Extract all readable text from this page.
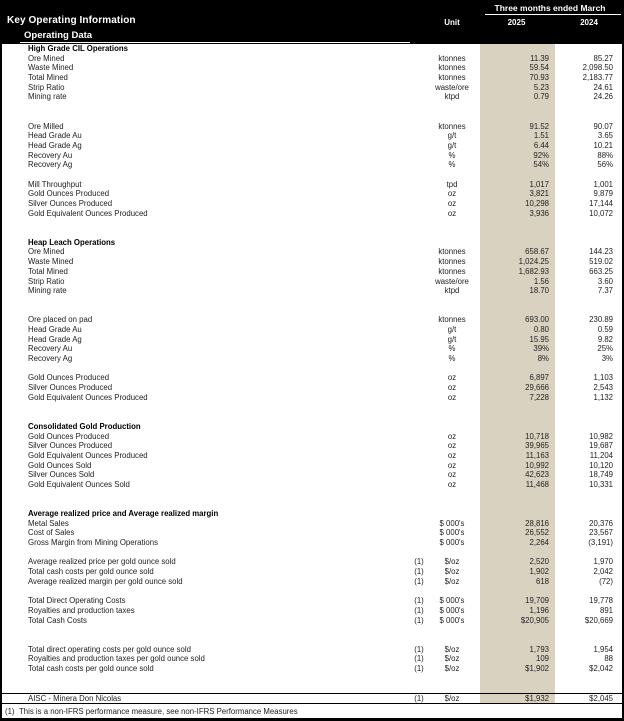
Key Operating Information
Three months ended March
Unit	2025	2024
Operating Data
High Grade CIL Operations
Ore Mined	ktonnes	11.39	85.27
Waste Mined	ktonnes	59.54	2,098.50
Total Mined	ktonnes	70.93	2,183.77
Strip Ratio	waste/ore	5.23	24.61
Mining rate	ktpd	0.79	24.26
Ore Milled	ktonnes	91.52	90.07
Head Grade Au	g/t	1.51	3.65
Head Grade Ag	g/t	6.44	10.21
Recovery Au	%	92%	88%
Recovery Ag	%	54%	56%
Mill Throughput	tpd	1,017	1,001
Gold Ounces Produced	oz	3,821	9,879
Silver Ounces Produced	oz	10,298	17,144
Gold Equivalent Ounces Produced	oz	3,936	10,072
Heap Leach Operations
Ore Mined	ktonnes	658.67	144.23
Waste Mined	ktonnes	1,024.25	519.02
Total Mined	ktonnes	1,682.93	663.25
Strip Ratio	waste/ore	1.56	3.60
Mining rate	ktpd	18.70	7.37
Ore placed on pad	ktonnes	693.00	230.89
Head Grade Au	g/t	0.80	0.59
Head Grade Ag	g/t	15.95	9.82
Recovery Au	%	39%	25%
Recovery Ag	%	8%	3%
Gold Ounces Produced	oz	6,897	1,103
Silver Ounces Produced	oz	29,666	2,543
Gold Equivalent Ounces Produced	oz	7,228	1,132
Consolidated Gold Production
Gold Ounces Produced	oz	10,718	10,982
Silver Ounces Produced	oz	39,965	19,687
Gold Equivalent Ounces Produced	oz	11,163	11,204
Gold Ounces Sold	oz	10,992	10,120
Silver Ounces Sold	oz	42,623	18,749
Gold Equivalent Ounces Sold	oz	11,468	10,331
Average realized price and Average realized margin
Metal Sales	$ 000's	28,816	20,376
Cost of Sales	$ 000's	26,552	23,567
Gross Margin from Mining Operations	$ 000's	2,264	(3,191)
Average realized price per gold ounce sold	(1)	$/oz	2,520	1,970
Total cash costs per gold ounce sold	(1)	$/oz	1,902	2,042
Average realized margin per gold ounce sold	(1)	$/oz	618	(72)
Total Direct Operating Costs	(1)	$ 000's	19,709	19,778
Royalties and production taxes	(1)	$ 000's	1,196	891
Total Cash Costs	(1)	$ 000's	$20,905	$20,669
Total direct operating costs per gold ounce sold	(1)	$/oz	1,793	1,954
Royalties and production taxes per gold ounce sold	(1)	$/oz	109	88
Total cash costs per gold ounce sold	(1)	$/oz	$1,902	$2,042
AISC - Minera Don Nicolas	(1)	$/oz	$1,932	$2,045
(1) This is a non-IFRS performance measure, see non-IFRS Performance Measures
